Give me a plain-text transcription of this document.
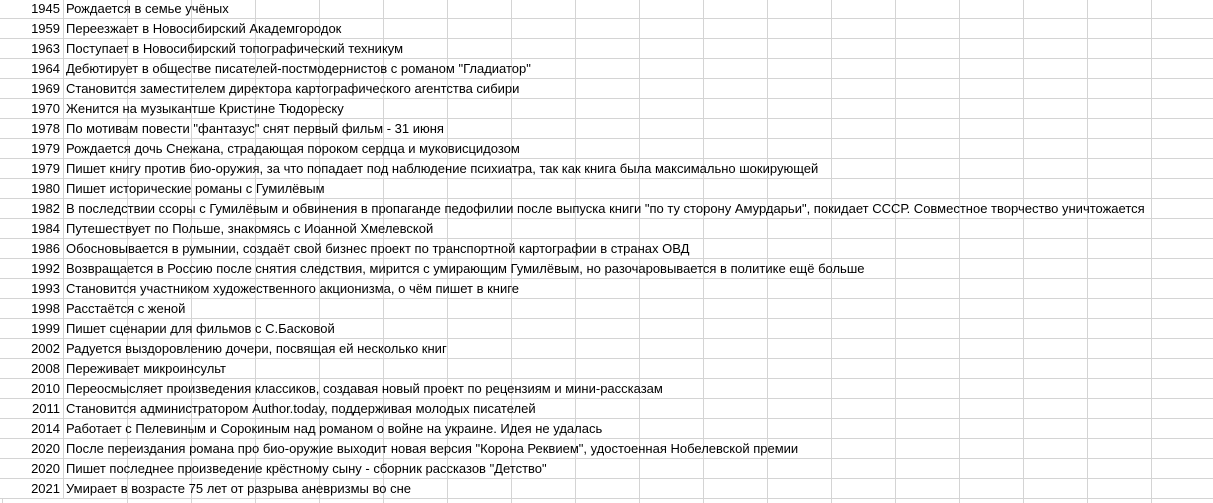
1945 Рождается в семье учёных
1959 Переезжает в Новосибирский Академгородок
1963 Поступает в Новосибирский топографический техникум
1964 Дебютирует в обществе писателей-постмодернистов с романом "Гладиатор"
1969 Становится заместителем директора картографического агентства сибири
1970 Женится на музыкантше Кристине Тюдореску
1978 По мотивам повести "фантазус" снят первый фильм - 31 июня
1979 Рождается дочь Снежана, страдающая пороком сердца и муковисцидозом
1979 Пишет книгу против био-оружия, за что попадает под наблюдение психиатра, так как книга была максимально шокирующей
1980 Пишет исторические романы с Гумилёвым
1982 В последствии ссоры с Гумилёвым и обвинения в пропаганде педофилии после выпуска книги "по ту сторону Амурдарьи", покидает СССР. Совместное творчество уничтожается
1984 Путешествует по Польше, знакомясь с Иоанной Хмелевской
1986 Обосновывается в румынии, создаёт свой бизнес проект по транспортной картографии в странах ОВД
1992 Возвращается в Россию после снятия следствия, мирится с умирающим Гумилёвым, но разочаровывается в политике ещё больше
1993 Становится участником художественного акционизма, о чём пишет в книге
1998 Расстаётся с женой
1999 Пишет сценарии для фильмов с С.Басковой
2002 Радуется выздоровлению дочери, посвящая ей несколько книг
2008 Переживает микроинсульт
2010 Переосмысляет произведения классиков, создавая новый проект по рецензиям и мини-рассказам
2011 Становится администратором Author.today, поддерживая молодых писателей
2014 Работает с Пелевиным и Сорокиным над романом о войне на украине. Идея не удалась
2020 После переиздания романа про био-оружие выходит новая версия "Корона Реквием", удостоенная Нобелевской премии
2020 Пишет последнее произведение крёстному сыну - сборник рассказов "Детство"
2021 Умирает в возрасте 75 лет от разрыва аневризмы во сне
